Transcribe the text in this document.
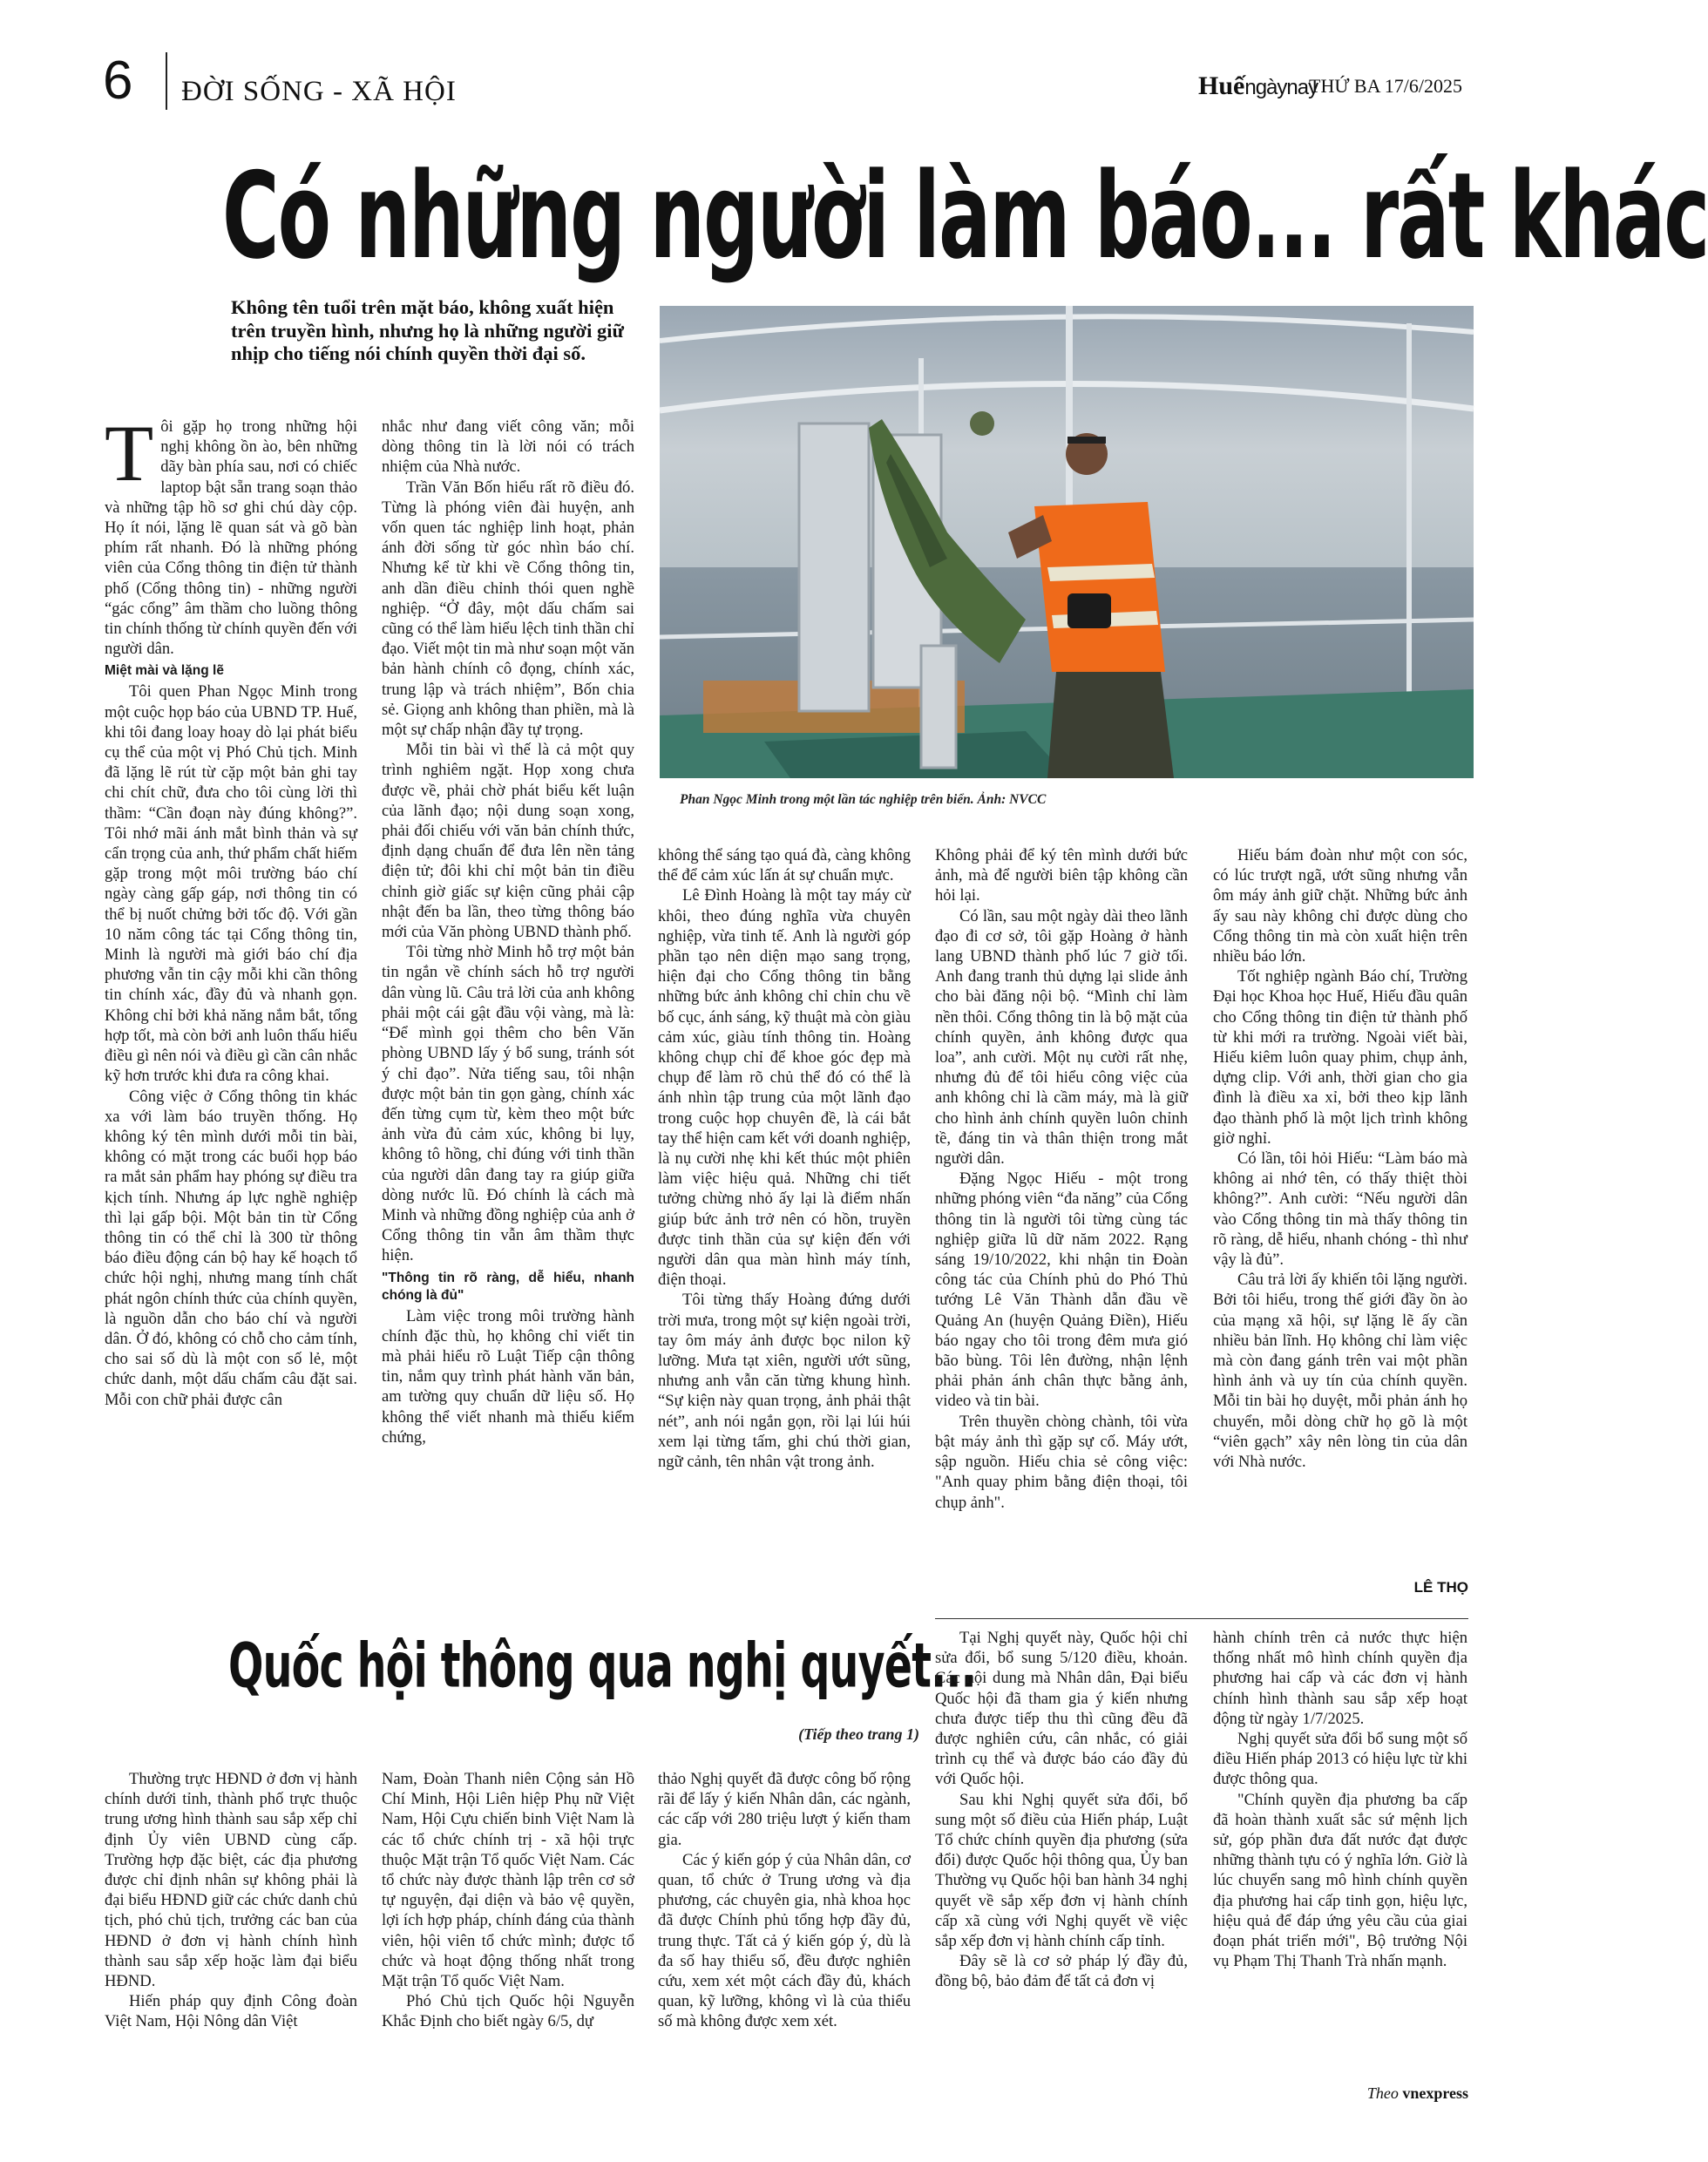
6 ĐỜI SỐNG - XÃ HỘI	Huếngàynay
THỨ BA 17/6/2025
Có những người làm báo... rất khác
Không tên tuổi trên mặt báo, không xuất hiện trên truyền hình, nhưng họ là những người giữ nhịp cho tiếng nói chính quyền thời đại số.
Phan Ngọc Minh trong một lần tác nghiệp trên biển. Ảnh: NVCC

Tôi gặp họ trong những hội nghị không ồn ào, bên những dãy bàn phía sau, nơi có chiếc laptop bật sẵn trang soạn thảo và những tập hồ sơ ghi chú dày cộp. Họ ít nói, lặng lẽ quan sát và gõ bàn phím rất nhanh. Đó là những phóng viên của Cổng thông tin điện tử thành phố (Cổng thông tin) - những người “gác cổng” âm thầm cho luồng thông tin chính thống từ chính quyền đến với người dân.

Miệt mài và lặng lẽ

Tôi quen Phan Ngọc Minh trong một cuộc họp báo của UBND TP. Huế, khi tôi đang loay hoay dò lại phát biểu cụ thể của một vị Phó Chủ tịch. Minh đã lặng lẽ rút từ cặp một bản ghi tay chi chít chữ, đưa cho tôi cùng lời thì thầm: “Cần đoạn này đúng không?”. Tôi nhớ mãi ánh mắt bình thản và sự cẩn trọng của anh, thứ phẩm chất hiếm gặp trong một môi trường báo chí ngày càng gấp gáp, nơi thông tin có thể bị nuốt chửng bởi tốc độ. Với gần 10 năm công tác tại Cổng thông tin, Minh là người mà giới báo chí địa phương vẫn tin cậy mỗi khi cần thông tin chính xác, đầy đủ và nhanh gọn. Không chỉ bởi khả năng nắm bắt, tổng hợp tốt, mà còn bởi anh luôn thấu hiểu điều gì nên nói và điều gì cần cân nhắc kỹ hơn trước khi đưa ra công khai.

Công việc ở Cổng thông tin khác xa với làm báo truyền thống. Họ không ký tên mình dưới mỗi tin bài, không có mặt trong các buổi họp báo ra mắt sản phẩm hay phóng sự điều tra kịch tính. Nhưng áp lực nghề nghiệp thì lại gấp bội. Một bản tin từ Cổng thông tin có thể chỉ là 300 từ thông báo điều động cán bộ hay kế hoạch tổ chức hội nghị, nhưng mang tính chất phát ngôn chính thức của chính quyền, là nguồn dẫn cho báo chí và người dân. Ở đó, không có chỗ cho cảm tính, cho sai số dù là một con số lẻ, một chức danh, một dấu chấm câu đặt sai. Mỗi con chữ phải được cân

nhắc như đang viết công văn; mỗi dòng thông tin là lời nói có trách nhiệm của Nhà nước.

Trần Văn Bốn hiểu rất rõ điều đó. Từng là phóng viên đài huyện, anh vốn quen tác nghiệp linh hoạt, phản ánh đời sống từ góc nhìn báo chí. Nhưng kể từ khi về Cổng thông tin, anh dần điều chỉnh thói quen nghề nghiệp. “Ở đây, một dấu chấm sai cũng có thể làm hiểu lệch tinh thần chỉ đạo. Viết một tin mà như soạn một văn bản hành chính cô đọng, chính xác, trung lập và trách nhiệm”, Bốn chia sẻ. Giọng anh không than phiền, mà là một sự chấp nhận đầy tự trọng.

Mỗi tin bài vì thế là cả một quy trình nghiêm ngặt. Họp xong chưa được về, phải chờ phát biểu kết luận của lãnh đạo; nội dung soạn xong, phải đối chiếu với văn bản chính thức, định dạng chuẩn để đưa lên nền tảng điện tử; đôi khi chỉ một bản tin điều chỉnh giờ giấc sự kiện cũng phải cập nhật đến ba lần, theo từng thông báo mới của Văn phòng UBND thành phố.

Tôi từng nhờ Minh hỗ trợ một bản tin ngắn về chính sách hỗ trợ người dân vùng lũ. Câu trả lời của anh không phải một cái gật đầu vội vàng, mà là: “Để mình gọi thêm cho bên Văn phòng UBND lấy ý bổ sung, tránh sót ý chỉ đạo”. Nửa tiếng sau, tôi nhận được một bản tin gọn gàng, chính xác đến từng cụm từ, kèm theo một bức ảnh vừa đủ cảm xúc, không bi lụy, không tô hồng, chỉ đúng với tinh thần của người dân đang tay ra giúp giữa dòng nước lũ. Đó chính là cách mà Minh và những đồng nghiệp của anh ở Cổng thông tin vẫn âm thầm thực hiện.

"Thông tin rõ ràng, dễ hiểu, nhanh chóng là đủ"

Làm việc trong môi trường hành chính đặc thù, họ không chỉ viết tin mà phải hiểu rõ Luật Tiếp cận thông tin, nắm quy trình phát hành văn bản, am tường quy chuẩn dữ liệu số. Họ không thể viết nhanh mà thiếu kiểm chứng,

không thể sáng tạo quá đà, càng không thể để cảm xúc lấn át sự chuẩn mực.

Lê Đình Hoàng là một tay máy cừ khôi, theo đúng nghĩa vừa chuyên nghiệp, vừa tinh tế. Anh là người góp phần tạo nên diện mạo sang trọng, hiện đại cho Cổng thông tin bằng những bức ảnh không chỉ chỉn chu về bố cục, ánh sáng, kỹ thuật mà còn giàu cảm xúc, giàu tính thông tin. Hoàng không chụp chỉ để khoe góc đẹp mà chụp để làm rõ chủ thể đó có thể là ánh nhìn tập trung của một lãnh đạo trong cuộc họp chuyên đề, là cái bắt tay thể hiện cam kết với doanh nghiệp, là nụ cười nhẹ khi kết thúc một phiên làm việc hiệu quả. Những chi tiết tưởng chừng nhỏ ấy lại là điểm nhấn giúp bức ảnh trở nên có hồn, truyền được tinh thần của sự kiện đến với người dân qua màn hình máy tính, điện thoại.

Tôi từng thấy Hoàng đứng dưới trời mưa, trong một sự kiện ngoài trời, tay ôm máy ảnh được bọc nilon kỹ lưỡng. Mưa tạt xiên, người ướt sũng, nhưng anh vẫn căn từng khung hình. “Sự kiện này quan trọng, ảnh phải thật nét”, anh nói ngắn gọn, rồi lại lúi húi xem lại từng tấm, ghi chú thời gian, ngữ cảnh, tên nhân vật trong ảnh.

Không phải để ký tên mình dưới bức ảnh, mà để người biên tập không cần hỏi lại.

Có lần, sau một ngày dài theo lãnh đạo đi cơ sở, tôi gặp Hoàng ở hành lang UBND thành phố lúc 7 giờ tối. Anh đang tranh thủ dựng lại slide ảnh cho bài đăng nội bộ. “Mình chỉ làm nền thôi. Cổng thông tin là bộ mặt của chính quyền, ảnh không được qua loa”, anh cười. Một nụ cười rất nhẹ, nhưng đủ để tôi hiểu công việc của anh không chỉ là cầm máy, mà là giữ cho hình ảnh chính quyền luôn chỉnh tề, đáng tin và thân thiện trong mắt người dân.

Đặng Ngọc Hiếu - một trong những phóng viên “đa năng” của Cổng thông tin là người tôi từng cùng tác nghiệp giữa lũ dữ năm 2022. Rạng sáng 19/10/2022, khi nhận tin Đoàn công tác của Chính phủ do Phó Thủ tướng Lê Văn Thành dẫn đầu về Quảng An (huyện Quảng Điền), Hiếu báo ngay cho tôi trong đêm mưa gió bão bùng. Tôi lên đường, nhận lệnh phải phản ánh chân thực bằng ảnh, video và tin bài.

Trên thuyền chòng chành, tôi vừa bật máy ảnh thì gặp sự cố. Máy ướt, sập nguồn. Hiếu chia sẻ công việc: "Anh quay phim bằng điện thoại, tôi chụp ảnh".

Hiếu bám đoàn như một con sóc, có lúc trượt ngã, ướt sũng nhưng vẫn ôm máy ảnh giữ chặt. Những bức ảnh ấy sau này không chỉ được dùng cho Cổng thông tin mà còn xuất hiện trên nhiều báo lớn.

Tốt nghiệp ngành Báo chí, Trường Đại học Khoa học Huế, Hiếu đầu quân cho Cổng thông tin điện tử thành phố từ khi mới ra trường. Ngoài viết bài, Hiếu kiêm luôn quay phim, chụp ảnh, dựng clip. Với anh, thời gian cho gia đình là điều xa xỉ, bởi theo kịp lãnh đạo thành phố là một lịch trình không giờ nghỉ.

Có lần, tôi hỏi Hiếu: “Làm báo mà không ai nhớ tên, có thấy thiệt thòi không?”. Anh cười: “Nếu người dân vào Cổng thông tin mà thấy thông tin rõ ràng, dễ hiểu, nhanh chóng - thì như vậy là đủ”.

Câu trả lời ấy khiến tôi lặng người. Bởi tôi hiểu, trong thế giới đầy ồn ào của mạng xã hội, sự lặng lẽ ấy cần nhiều bản lĩnh. Họ không chỉ làm việc mà còn đang gánh trên vai một phần hình ảnh và uy tín của chính quyền. Mỗi tin bài họ duyệt, mỗi phản ánh họ chuyển, mỗi dòng chữ họ gõ là một “viên gạch” xây nên lòng tin của dân với Nhà nước.

LÊ THỌ
Quốc hội thông qua nghị quyết...
(Tiếp theo trang 1)

Thường trực HĐND ở đơn vị hành chính dưới tỉnh, thành phố trực thuộc trung ương hình thành sau sắp xếp chỉ định Ủy viên UBND cùng cấp. Trường hợp đặc biệt, các địa phương được chỉ định nhân sự không phải là đại biểu HĐND giữ các chức danh chủ tịch, phó chủ tịch, trưởng các ban của HĐND ở đơn vị hành chính hình thành sau sắp xếp hoặc làm đại biểu HĐND.

Hiến pháp quy định Công đoàn Việt Nam, Hội Nông dân Việt

Nam, Đoàn Thanh niên Cộng sản Hồ Chí Minh, Hội Liên hiệp Phụ nữ Việt Nam, Hội Cựu chiến binh Việt Nam là các tổ chức chính trị - xã hội trực thuộc Mặt trận Tổ quốc Việt Nam. Các tổ chức này được thành lập trên cơ sở tự nguyện, đại diện và bảo vệ quyền, lợi ích hợp pháp, chính đáng của thành viên, hội viên tổ chức mình; được tổ chức và hoạt động thống nhất trong Mặt trận Tổ quốc Việt Nam.

Phó Chủ tịch Quốc hội Nguyễn Khắc Định cho biết ngày 6/5, dự

thảo Nghị quyết đã được công bố rộng rãi để lấy ý kiến Nhân dân, các ngành, các cấp với 280 triệu lượt ý kiến tham gia.

Các ý kiến góp ý của Nhân dân, cơ quan, tổ chức ở Trung ương và địa phương, các chuyên gia, nhà khoa học đã được Chính phủ tổng hợp đầy đủ, trung thực. Tất cả ý kiến góp ý, dù là đa số hay thiểu số, đều được nghiên cứu, xem xét một cách đầy đủ, khách quan, kỹ lưỡng, không vì là của thiểu số mà không được xem xét.

Tại Nghị quyết này, Quốc hội chỉ sửa đổi, bổ sung 5/120 điều, khoản. Các nội dung mà Nhân dân, Đại biểu Quốc hội đã tham gia ý kiến nhưng chưa được tiếp thu thì cũng đều đã được nghiên cứu, cân nhắc, có giải trình cụ thể và được báo cáo đầy đủ với Quốc hội.

Sau khi Nghị quyết sửa đổi, bổ sung một số điều của Hiến pháp, Luật Tổ chức chính quyền địa phương (sửa đổi) được Quốc hội thông qua, Ủy ban Thường vụ Quốc hội ban hành 34 nghị quyết về sắp xếp đơn vị hành chính cấp xã cùng với Nghị quyết về việc sắp xếp đơn vị hành chính cấp tỉnh.

Đây sẽ là cơ sở pháp lý đầy đủ, đồng bộ, bảo đảm để tất cả đơn vị

hành chính trên cả nước thực hiện thống nhất mô hình chính quyền địa phương hai cấp và các đơn vị hành chính hình thành sau sắp xếp hoạt động từ ngày 1/7/2025.

Nghị quyết sửa đổi bổ sung một số điều Hiến pháp 2013 có hiệu lực từ khi được thông qua.

"Chính quyền địa phương ba cấp đã hoàn thành xuất sắc sứ mệnh lịch sử, góp phần đưa đất nước đạt được những thành tựu có ý nghĩa lớn. Giờ là lúc chuyển sang mô hình chính quyền địa phương hai cấp tinh gọn, hiệu lực, hiệu quả để đáp ứng yêu cầu của giai đoạn phát triển mới", Bộ trưởng Nội vụ Phạm Thị Thanh Trà nhấn mạnh.

Theo vnexpress
